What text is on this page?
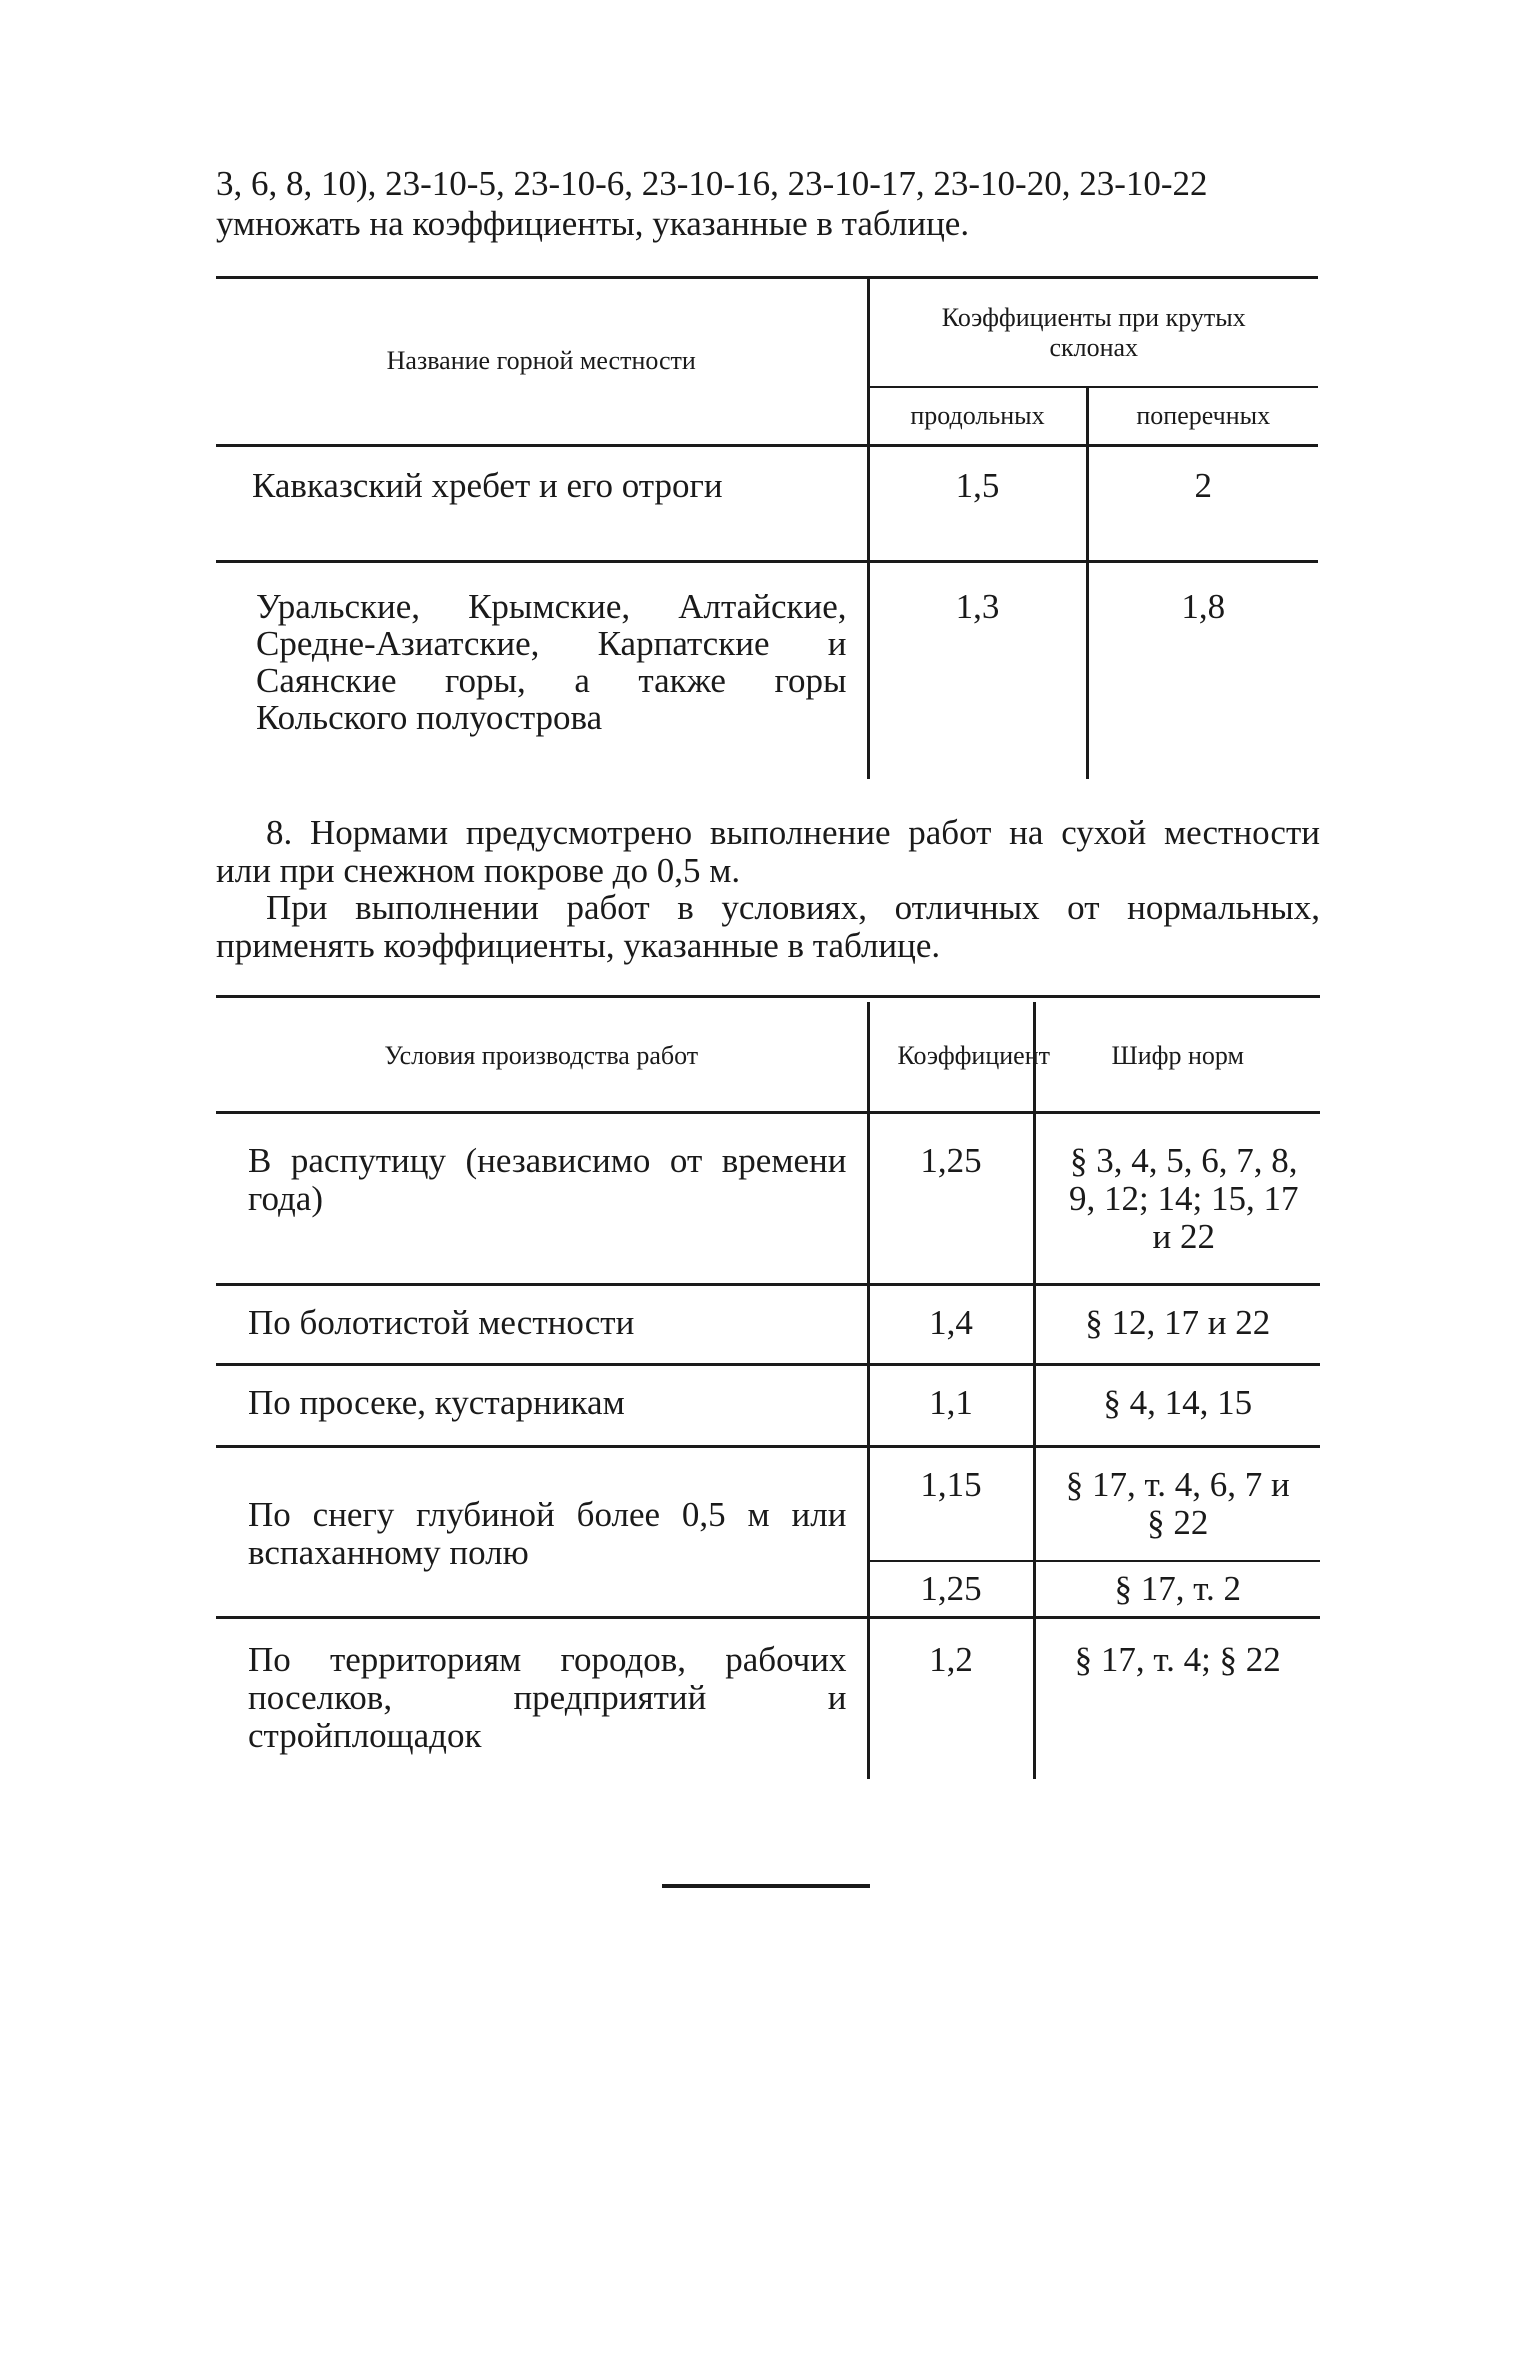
3, 6, 8, 10), 23-10-5, 23-10-6, 23-10-16, 23-10-17, 23-10-20, 23-10-22
умножать на коэффициенты, указанные в таблице.

Название горной местности	Коэффициенты при крутых склонах	
	продольных	поперечных
Кавказский хребет и его отроги	1,5	2
Уральские, Крымские, Алтайские, Средне-Азиатские, Карпатские и Саянские горы, а также горы Кольского полуострова	1,3	1,8

8. Нормами предусмотрено выполнение работ на сухой местности или при снежном покрове до 0,5 м.

При выполнении работ в условиях, отличных от нормальных, применять коэффициенты, указанные в таблице.

Условия производства работ	Коэффициент	Шифр норм
В распутицу (независимо от времени года)	1,25	§ 3, 4, 5, 6, 7, 8, 9, 12; 14; 15, 17 и 22
По болотистой местности	1,4	§ 12, 17 и 22
По просеке, кустарникам	1,1	§ 4, 14, 15
По снегу глубиной более 0,5 м или вспаханному полю	1,15	§ 17, т. 4, 6, 7 и § 22
	1,25	§ 17, т. 2
По территориям городов, рабочих поселков, предприятий и стройплощадок	1,2	§ 17, т. 4; § 22
